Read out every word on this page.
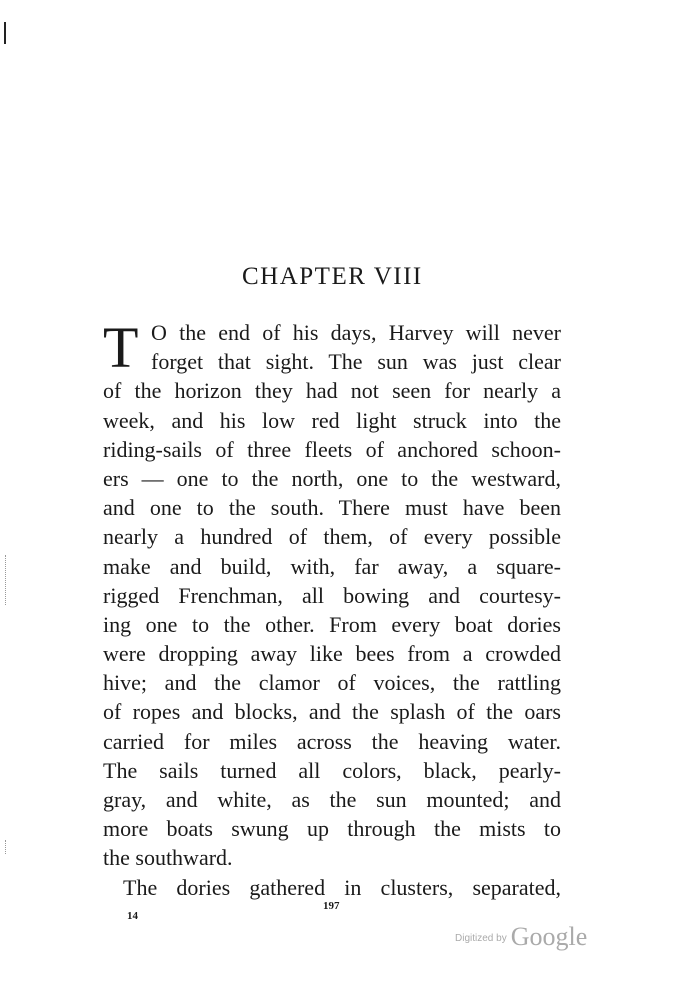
CHAPTER VIII
T O the end of his days, Harvey will never
forget that sight. The sun was just clear
of the horizon they had not seen for nearly a
week, and his low red light struck into the
riding-sails of three fleets of anchored schoon-
ers — one to the north, one to the westward,
and one to the south. There must have been
nearly a hundred of them, of every possible
make and build, with, far away, a square-
rigged Frenchman, all bowing and courtesy-
ing one to the other. From every boat dories
were dropping away like bees from a crowded
hive; and the clamor of voices, the rattling
of ropes and blocks, and the splash of the oars
carried for miles across the heaving water.
The sails turned all colors, black, pearly-
gray, and white, as the sun mounted; and
more boats swung up through the mists to
the southward.
The dories gathered in clusters, separated,
14
197
$^{Digitized by}$ Google
